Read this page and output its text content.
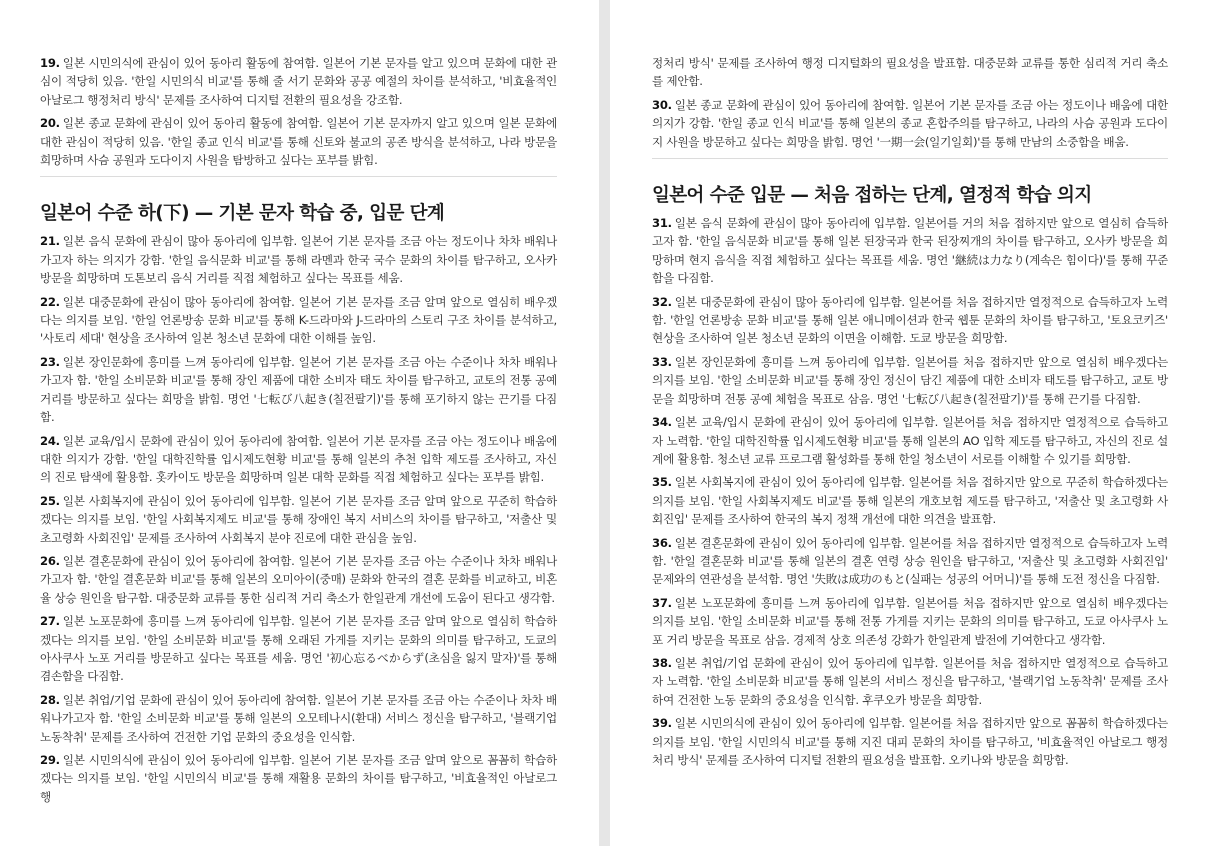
19. 일본 시민의식에 관심이 있어 동아리 활동에 참여함. 일본어 기본 문자를 알고 있으며 문화에 대한 관심이 적당히 있음. '한일 시민의식 비교'를 통해 줄 서기 문화와 공공 예절의 차이를 분석하고, '비효율적인 아날로그 행정처리 방식' 문제를 조사하여 디지털 전환의 필요성을 강조함.

20. 일본 종교 문화에 관심이 있어 동아리 활동에 참여함. 일본어 기본 문자까지 알고 있으며 일본 문화에 대한 관심이 적당히 있음. '한일 종교 인식 비교'를 통해 신토와 불교의 공존 방식을 분석하고, 나라 방문을 희망하며 사슴 공원과 도다이지 사원을 탐방하고 싶다는 포부를 밝힘.

일본어 수준 하(下) — 기본 문자 학습 중, 입문 단계

21. 일본 음식 문화에 관심이 많아 동아리에 입부함. 일본어 기본 문자를 조금 아는 정도이나 차차 배워나가고자 하는 의지가 강함. '한일 음식문화 비교'를 통해 라멘과 한국 국수 문화의 차이를 탐구하고, 오사카 방문을 희망하며 도톤보리 음식 거리를 직접 체험하고 싶다는 목표를 세움.

22. 일본 대중문화에 관심이 많아 동아리에 참여함. 일본어 기본 문자를 조금 알며 앞으로 열심히 배우겠다는 의지를 보임. '한일 언론방송 문화 비교'를 통해 K-드라마와 J-드라마의 스토리 구조 차이를 분석하고, '사토리 세대' 현상을 조사하여 일본 청소년 문화에 대한 이해를 높임.

23. 일본 장인문화에 흥미를 느껴 동아리에 입부함. 일본어 기본 문자를 조금 아는 수준이나 차차 배워나가고자 함. '한일 소비문화 비교'를 통해 장인 제품에 대한 소비자 태도 차이를 탐구하고, 교토의 전통 공예 거리를 방문하고 싶다는 희망을 밝힘. 명언 '七転び八起き(칠전팔기)'를 통해 포기하지 않는 끈기를 다짐함.

24. 일본 교육/입시 문화에 관심이 있어 동아리에 참여함. 일본어 기본 문자를 조금 아는 정도이나 배움에 대한 의지가 강함. '한일 대학진학률 입시제도현황 비교'를 통해 일본의 추천 입학 제도를 조사하고, 자신의 진로 탐색에 활용함. 홋카이도 방문을 희망하며 일본 대학 문화를 직접 체험하고 싶다는 포부를 밝힘.

25. 일본 사회복지에 관심이 있어 동아리에 입부함. 일본어 기본 문자를 조금 알며 앞으로 꾸준히 학습하겠다는 의지를 보임. '한일 사회복지제도 비교'를 통해 장애인 복지 서비스의 차이를 탐구하고, '저출산 및 초고령화 사회진입' 문제를 조사하여 사회복지 분야 진로에 대한 관심을 높임.

26. 일본 결혼문화에 관심이 있어 동아리에 참여함. 일본어 기본 문자를 조금 아는 수준이나 차차 배워나가고자 함. '한일 결혼문화 비교'를 통해 일본의 오미아이(중매) 문화와 한국의 결혼 문화를 비교하고, 비혼율 상승 원인을 탐구함. 대중문화 교류를 통한 심리적 거리 축소가 한일관계 개선에 도움이 된다고 생각함.

27. 일본 노포문화에 흥미를 느껴 동아리에 입부함. 일본어 기본 문자를 조금 알며 앞으로 열심히 학습하겠다는 의지를 보임. '한일 소비문화 비교'를 통해 오래된 가게를 지키는 문화의 의미를 탐구하고, 도쿄의 아사쿠사 노포 거리를 방문하고 싶다는 목표를 세움. 명언 '初心忘るべからず(초심을 잃지 말자)'를 통해 겸손함을 다짐함.

28. 일본 취업/기업 문화에 관심이 있어 동아리에 참여함. 일본어 기본 문자를 조금 아는 수준이나 차차 배워나가고자 함. '한일 소비문화 비교'를 통해 일본의 오모테나시(환대) 서비스 정신을 탐구하고, '블랙기업 노동착취' 문제를 조사하여 건전한 기업 문화의 중요성을 인식함.

29. 일본 시민의식에 관심이 있어 동아리에 입부함. 일본어 기본 문자를 조금 알며 앞으로 꼼꼼히 학습하겠다는 의지를 보임. '한일 시민의식 비교'를 통해 재활용 문화의 차이를 탐구하고, '비효율적인 아날로그 행

정처리 방식' 문제를 조사하여 행정 디지털화의 필요성을 발표함. 대중문화 교류를 통한 심리적 거리 축소를 제안함.

30. 일본 종교 문화에 관심이 있어 동아리에 참여함. 일본어 기본 문자를 조금 아는 정도이나 배움에 대한 의지가 강함. '한일 종교 인식 비교'를 통해 일본의 종교 혼합주의를 탐구하고, 나라의 사슴 공원과 도다이지 사원을 방문하고 싶다는 희망을 밝힘. 명언 '一期一会(일기일회)'를 통해 만남의 소중함을 배움.

일본어 수준 입문 — 처음 접하는 단계, 열정적 학습 의지

31. 일본 음식 문화에 관심이 많아 동아리에 입부함. 일본어를 거의 처음 접하지만 앞으로 열심히 습득하고자 함. '한일 음식문화 비교'를 통해 일본 된장국과 한국 된장찌개의 차이를 탐구하고, 오사카 방문을 희망하며 현지 음식을 직접 체험하고 싶다는 목표를 세움. 명언 '継続は力なり(계속은 힘이다)'를 통해 꾸준함을 다짐함.

32. 일본 대중문화에 관심이 많아 동아리에 입부함. 일본어를 처음 접하지만 열정적으로 습득하고자 노력함. '한일 언론방송 문화 비교'를 통해 일본 애니메이션과 한국 웹툰 문화의 차이를 탐구하고, '토요코키즈' 현상을 조사하여 일본 청소년 문화의 이면을 이해함. 도쿄 방문을 희망함.

33. 일본 장인문화에 흥미를 느껴 동아리에 입부함. 일본어를 처음 접하지만 앞으로 열심히 배우겠다는 의지를 보임. '한일 소비문화 비교'를 통해 장인 정신이 담긴 제품에 대한 소비자 태도를 탐구하고, 교토 방문을 희망하며 전통 공예 체험을 목표로 삼음. 명언 '七転び八起き(칠전팔기)'를 통해 끈기를 다짐함.

34. 일본 교육/입시 문화에 관심이 있어 동아리에 입부함. 일본어를 처음 접하지만 열정적으로 습득하고자 노력함. '한일 대학진학률 입시제도현황 비교'를 통해 일본의 AO 입학 제도를 탐구하고, 자신의 진로 설계에 활용함. 청소년 교류 프로그램 활성화를 통해 한일 청소년이 서로를 이해할 수 있기를 희망함.

35. 일본 사회복지에 관심이 있어 동아리에 입부함. 일본어를 처음 접하지만 앞으로 꾸준히 학습하겠다는 의지를 보임. '한일 사회복지제도 비교'를 통해 일본의 개호보험 제도를 탐구하고, '저출산 및 초고령화 사회진입' 문제를 조사하여 한국의 복지 정책 개선에 대한 의견을 발표함.

36. 일본 결혼문화에 관심이 있어 동아리에 입부함. 일본어를 처음 접하지만 열정적으로 습득하고자 노력함. '한일 결혼문화 비교'를 통해 일본의 결혼 연령 상승 원인을 탐구하고, '저출산 및 초고령화 사회진입' 문제와의 연관성을 분석함. 명언 '失敗は成功のもと(실패는 성공의 어머니)'를 통해 도전 정신을 다짐함.

37. 일본 노포문화에 흥미를 느껴 동아리에 입부함. 일본어를 처음 접하지만 앞으로 열심히 배우겠다는 의지를 보임. '한일 소비문화 비교'를 통해 전통 가게를 지키는 문화의 의미를 탐구하고, 도쿄 아사쿠사 노포 거리 방문을 목표로 삼음. 경제적 상호 의존성 강화가 한일관계 발전에 기여한다고 생각함.

38. 일본 취업/기업 문화에 관심이 있어 동아리에 입부함. 일본어를 처음 접하지만 열정적으로 습득하고자 노력함. '한일 소비문화 비교'를 통해 일본의 서비스 정신을 탐구하고, '블랙기업 노동착취' 문제를 조사하여 건전한 노동 문화의 중요성을 인식함. 후쿠오카 방문을 희망함.

39. 일본 시민의식에 관심이 있어 동아리에 입부함. 일본어를 처음 접하지만 앞으로 꼼꼼히 학습하겠다는 의지를 보임. '한일 시민의식 비교'를 통해 지진 대피 문화의 차이를 탐구하고, '비효율적인 아날로그 행정처리 방식' 문제를 조사하여 디지털 전환의 필요성을 발표함. 오키나와 방문을 희망함.
